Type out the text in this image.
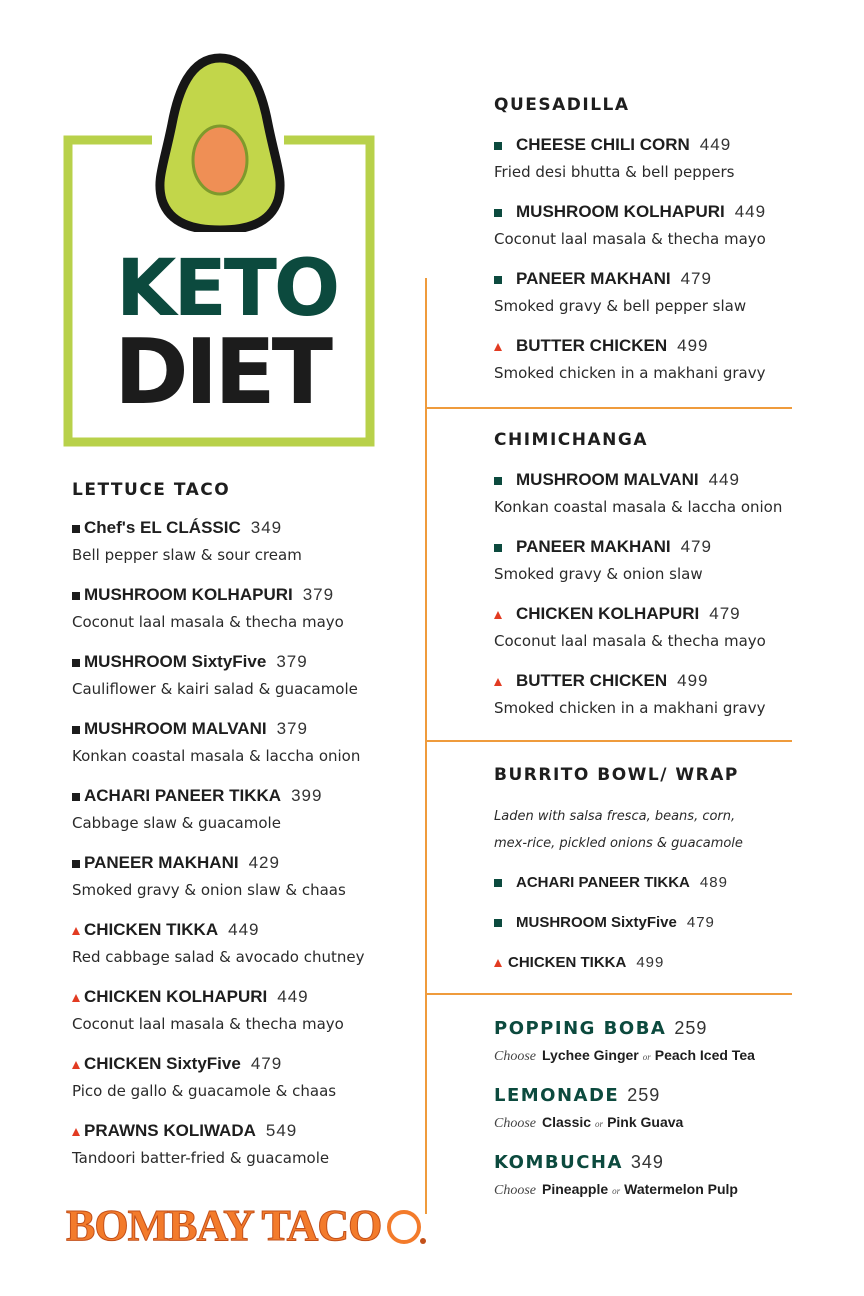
KETO
DIET
LETTUCE TACO
Chef's EL CLÁSSIC 349
Bell pepper slaw & sour cream
MUSHROOM KOLHAPURI 379
Coconut laal masala & thecha mayo
MUSHROOM SixtyFive 379
Cauliflower & kairi salad & guacamole
MUSHROOM MALVANI 379
Konkan coastal masala & laccha onion
ACHARI PANEER TIKKA 399
Cabbage slaw & guacamole
PANEER MAKHANI 429
Smoked gravy & onion slaw & chaas
CHICKEN TIKKA 449
Red cabbage salad & avocado chutney
CHICKEN KOLHAPURI 449
Coconut laal masala & thecha mayo
CHICKEN SixtyFive 479
Pico de gallo & guacamole & chaas
PRAWNS KOLIWADA 549
Tandoori batter-fried & guacamole
QUESADILLA
CHEESE CHILI CORN 449
Fried desi bhutta & bell peppers
MUSHROOM KOLHAPURI 449
Coconut laal masala & thecha mayo
PANEER MAKHANI 479
Smoked gravy & bell pepper slaw
BUTTER CHICKEN 499
Smoked chicken in a makhani gravy
CHIMICHANGA
MUSHROOM MALVANI 449
Konkan coastal masala & laccha onion
PANEER MAKHANI 479
Smoked gravy & onion slaw
CHICKEN KOLHAPURI 479
Coconut laal masala & thecha mayo
BUTTER CHICKEN 499
Smoked chicken in a makhani gravy
BURRITO BOWL/ WRAP
Laden with salsa fresca, beans, corn,
mex-rice, pickled onions & guacamole
ACHARI PANEER TIKKA 489
MUSHROOM SixtyFive 479
CHICKEN TIKKA 499
POPPING BOBA 259
Choose Lychee Ginger or Peach Iced Tea
LEMONADE 259
Choose Classic or Pink Guava
KOMBUCHA 349
Choose Pineapple or Watermelon Pulp
BOMBAY TACO
